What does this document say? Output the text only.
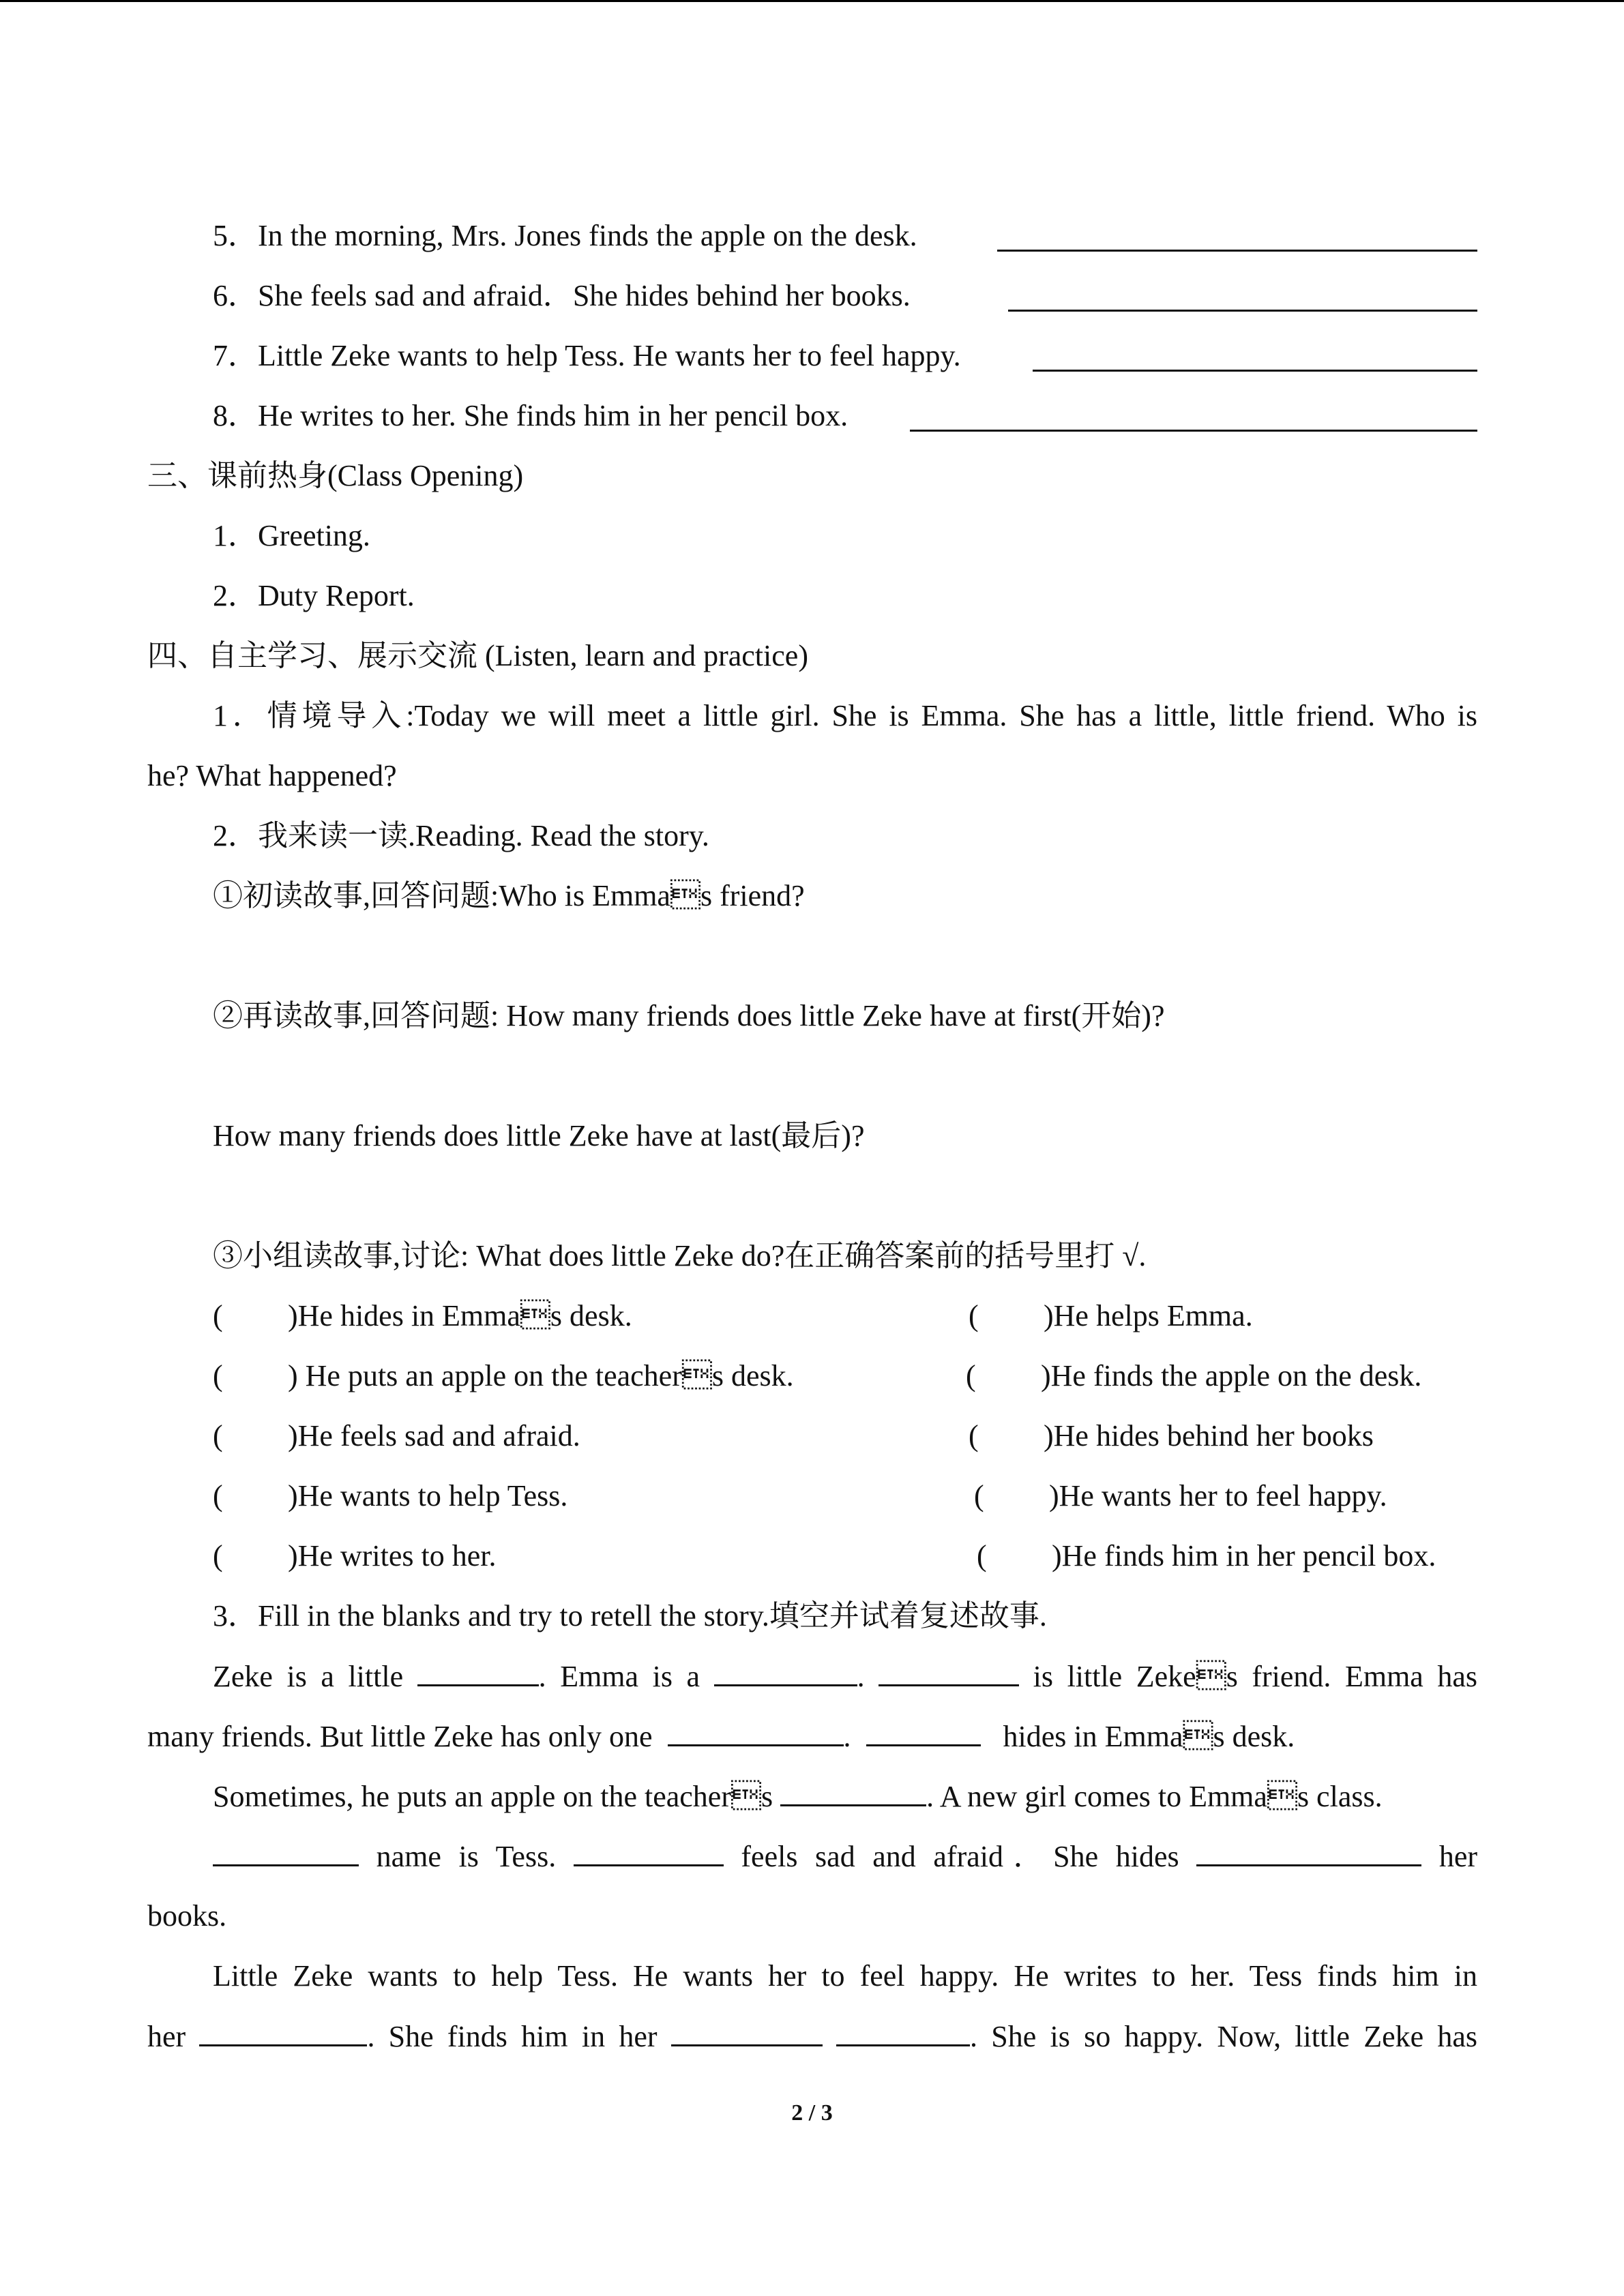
5．In the morning, Mrs. Jones finds the apple on the desk.
6．She feels sad and afraid．She hides behind her books.
7．Little Zeke wants to help Tess. He wants her to feel happy.
8．He writes to her. She finds him in her pencil box.
三、课前热身(Class Opening)
1．Greeting.
2．Duty Report.
四、自主学习、展示交流 (Listen, learn and practice)
1．情境导入:Today we will meet a little girl. She is Emma. She has a little, little friend. Who is
he? What happened?
2．我来读一读.Reading. Read the story.
①初读故事,回答问题:Who is Emmas friend?
②再读故事,回答问题: How many friends does little Zeke have at first(开始)?
How many friends does little Zeke have at last(最后)?
③小组读故事,讨论: What does little Zeke do?在正确答案前的括号里打 √.
( )He hides in Emmas desk.	( )He helps Emma.
( ) He puts an apple on the teachers desk.	( )He finds the apple on the desk.
( )He feels sad and afraid.	( )He hides behind her books
( )He wants to help Tess.	( )He wants her to feel happy.
( )He writes to her.	( )He finds him in her pencil box.
3．Fill in the blanks and try to retell the story.填空并试着复述故事.
Zeke is a little	. Emma is a	.	is little Zekes friend. Emma has
many friends. But little Zeke has only one	.	hides in Emmas desk.
Sometimes, he puts an apple on the teachers	. A new girl comes to Emmas class.
name is Tess.	feels sad and afraid．She hides	her
books.
Little Zeke wants to help Tess. He wants her to feel happy. He writes to her. Tess finds him in
her	. She finds him in her	. She is so happy. Now, little Zeke has
2 / 3
